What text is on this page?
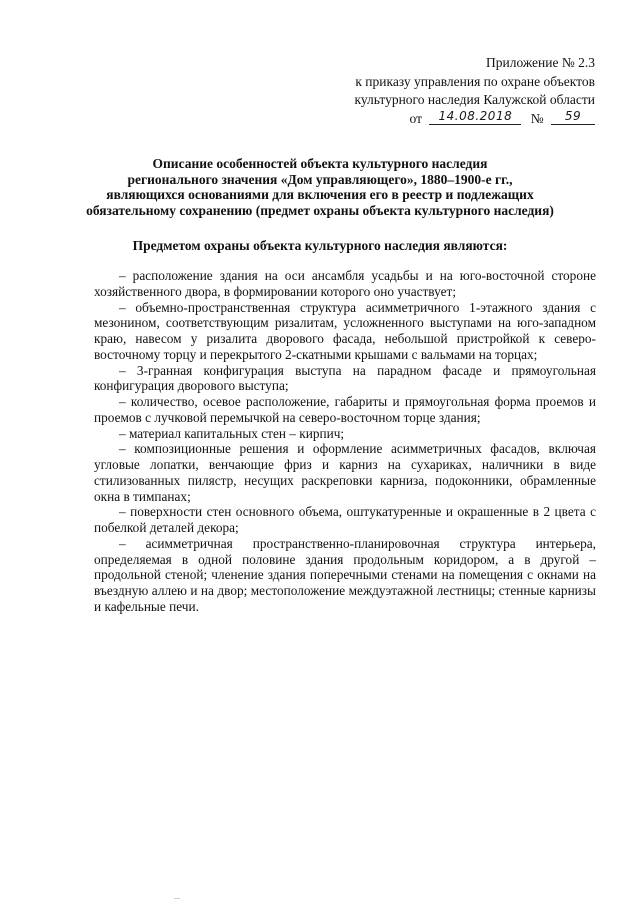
Приложение № 2.3
к приказу управления по охране объектов
культурного наследия Калужской области
от 14.08.2018 № 59
Описание особенностей объекта культурного наследия
регионального значения «Дом управляющего», 1880–1900-е гг.,
являющихся основаниями для включения его в реестр и подлежащих
обязательному сохранению (предмет охраны объекта культурного наследия)
Предметом охраны объекта культурного наследия являются:

– расположение здания на оси ансамбля усадьбы и на юго-восточной стороне хозяйственного двора, в формировании которого оно участвует;

– объемно-пространственная структура асимметричного 1-этажного здания с мезонином, соответствующим ризалитам, усложненного выступами на юго-западном краю, навесом у ризалита дворового фасада, небольшой пристройкой к северо-восточному торцу и перекрытого 2-скатными крышами с вальмами на торцах;

– 3-гранная конфигурация выступа на парадном фасаде и прямоугольная конфигурация дворового выступа;

– количество, осевое расположение, габариты и прямоугольная форма проемов и проемов с лучковой перемычкой на северо-восточном торце здания;

– материал капитальных стен – кирпич;

– композиционные решения и оформление асимметричных фасадов, включая угловые лопатки, венчающие фриз и карниз на сухариках, наличники в виде стилизованных пилястр, несущих раскреповки карниза, подоконники, обрамленные окна в тимпанах;

– поверхности стен основного объема, оштукатуренные и окрашенные в 2 цвета с побелкой деталей декора;

– асимметричная пространственно-планировочная структура интерьера, определяемая в одной половине здания продольным коридором, а в другой – продольной стеной; членение здания поперечными стенами на помещения с окнами на въездную аллею и на двор; местоположение междуэтажной лестницы; стенные карнизы и кафельные печи.
